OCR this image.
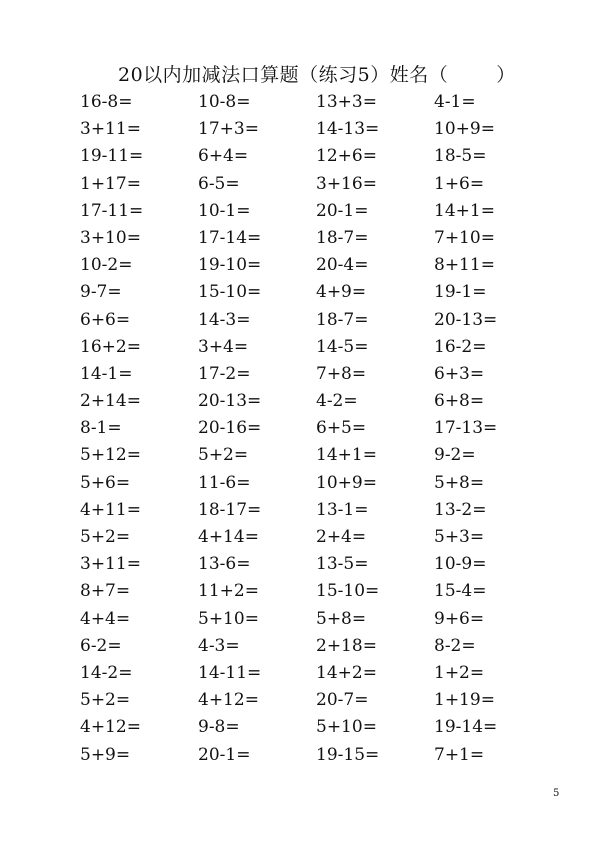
20以内加减法口算题（练习5）姓名（	）
16-8=	10-8=	13+3=	4-1=
3+11=	17+3=	14-13=	10+9=
19-11=	6+4=	12+6=	18-5=
1+17=	6-5=	3+16=	1+6=
17-11=	10-1=	20-1=	14+1=
3+10=	17-14=	18-7=	7+10=
10-2=	19-10=	20-4=	8+11=
9-7=	15-10=	4+9=	19-1=
6+6=	14-3=	18-7=	20-13=
16+2=	3+4=	14-5=	16-2=
14-1=	17-2=	7+8=	6+3=
2+14=	20-13=	4-2=	6+8=
8-1=	20-16=	6+5=	17-13=
5+12=	5+2=	14+1=	9-2=
5+6=	11-6=	10+9=	5+8=
4+11=	18-17=	13-1=	13-2=
5+2=	4+14=	2+4=	5+3=
3+11=	13-6=	13-5=	10-9=
8+7=	11+2=	15-10=	15-4=
4+4=	5+10=	5+8=	9+6=
6-2=	4-3=	2+18=	8-2=
14-2=	14-11=	14+2=	1+2=
5+2=	4+12=	20-7=	1+19=
4+12=	9-8=	5+10=	19-14=
5+9=	20-1=	19-15=	7+1=
5
